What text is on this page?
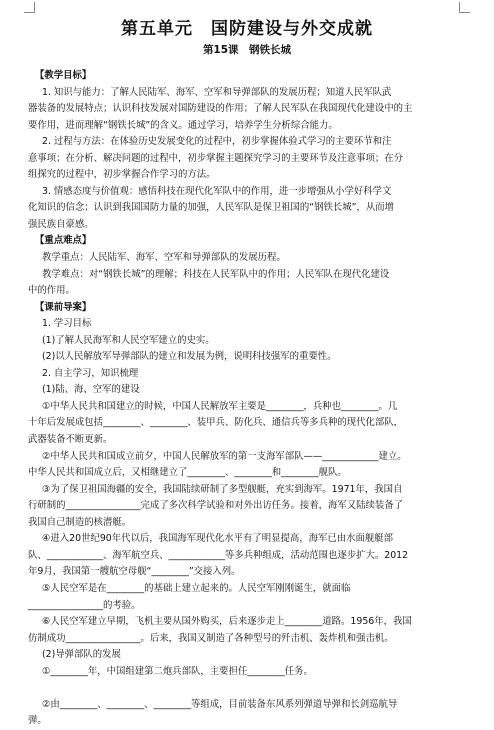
第五单元　国防建设与外交成就
第15课　钢铁长城
【教学目标】
1. 知识与能力：了解人民陆军、海军、空军和导弹部队的发展历程；知道人民军队武
器装备的发展特点；认识科技发展对国防建设的作用；了解人民军队在我国现代化建设中的主
要作用，进而理解“钢铁长城”的含义。通过学习，培养学生分析综合能力。
2. 过程与方法：在体验历史发展变化的过程中，初步掌握体验式学习的主要环节和注
意事项；在分析、解决问题的过程中，初步掌握主题探究学习的主要环节及注意事项；在分
组探究的过程中，初步掌握合作学习的方法。
3. 情感态度与价值观：感悟科技在现代化军队中的作用，进一步增强从小学好科学文
化知识的信念；认识到我国国防力量的加强，人民军队是保卫祖国的“钢铁长城”，从而增
强民族自豪感。
【重点难点】
教学重点：人民陆军、海军、空军和导弹部队的发展历程。
教学难点：对“钢铁长城”的理解；科技在人民军队中的作用；人民军队在现代化建设
中的作用。
【课前导案】
1. 学习目标
(1)了解人民海军和人民空军建立的史实。
(2)以人民解放军导弹部队的建立和发展为例，说明科技强军的重要性。
2. 自主学习，知识梳理
(1)陆、海、空军的建设
①中华人民共和国建立的时候，中国人民解放军主要是________，兵种也________。几
十年后发展成包括________、________、装甲兵、防化兵、通信兵等多兵种的现代化部队，
武器装备不断更新。
②中华人民共和国成立前夕，中国人民解放军的第一支海军部队——____________建立。
中华人民共和国成立后，又相继建立了________、________和________舰队。
③为了保卫祖国海疆的安全，我国陆续研制了多型舰艇，充实到海军。1971年，我国自
行研制的________________完成了多次科学试验和对外出访任务。接着，海军又陆续装备了
我国自己制造的核潜艇。
④进入20世纪90年代以后，我国海军现代化水平有了明显提高，海军已由水面舰艇部
队、____________、海军航空兵、____________等多兵种组成，活动范围也逐步扩大。2012
年9月，我国第一艘航空母舰“________”交接入列。
⑤人民空军是在________的基础上建立起来的。人民空军刚刚诞生，就面临
________________的考验。
⑥人民空军建立早期，飞机主要从国外购买，后来逐步走上________道路。1956年，我国
仿制成功________________。后来，我国又制造了各种型号的歼击机、轰炸机和强击机。
(2)导弹部队的发展
①________年，中国组建第二炮兵部队，主要担任________任务。
②由________、________、________等组成，目前装备东风系列弹道导弹和长剑巡航导
弹。
